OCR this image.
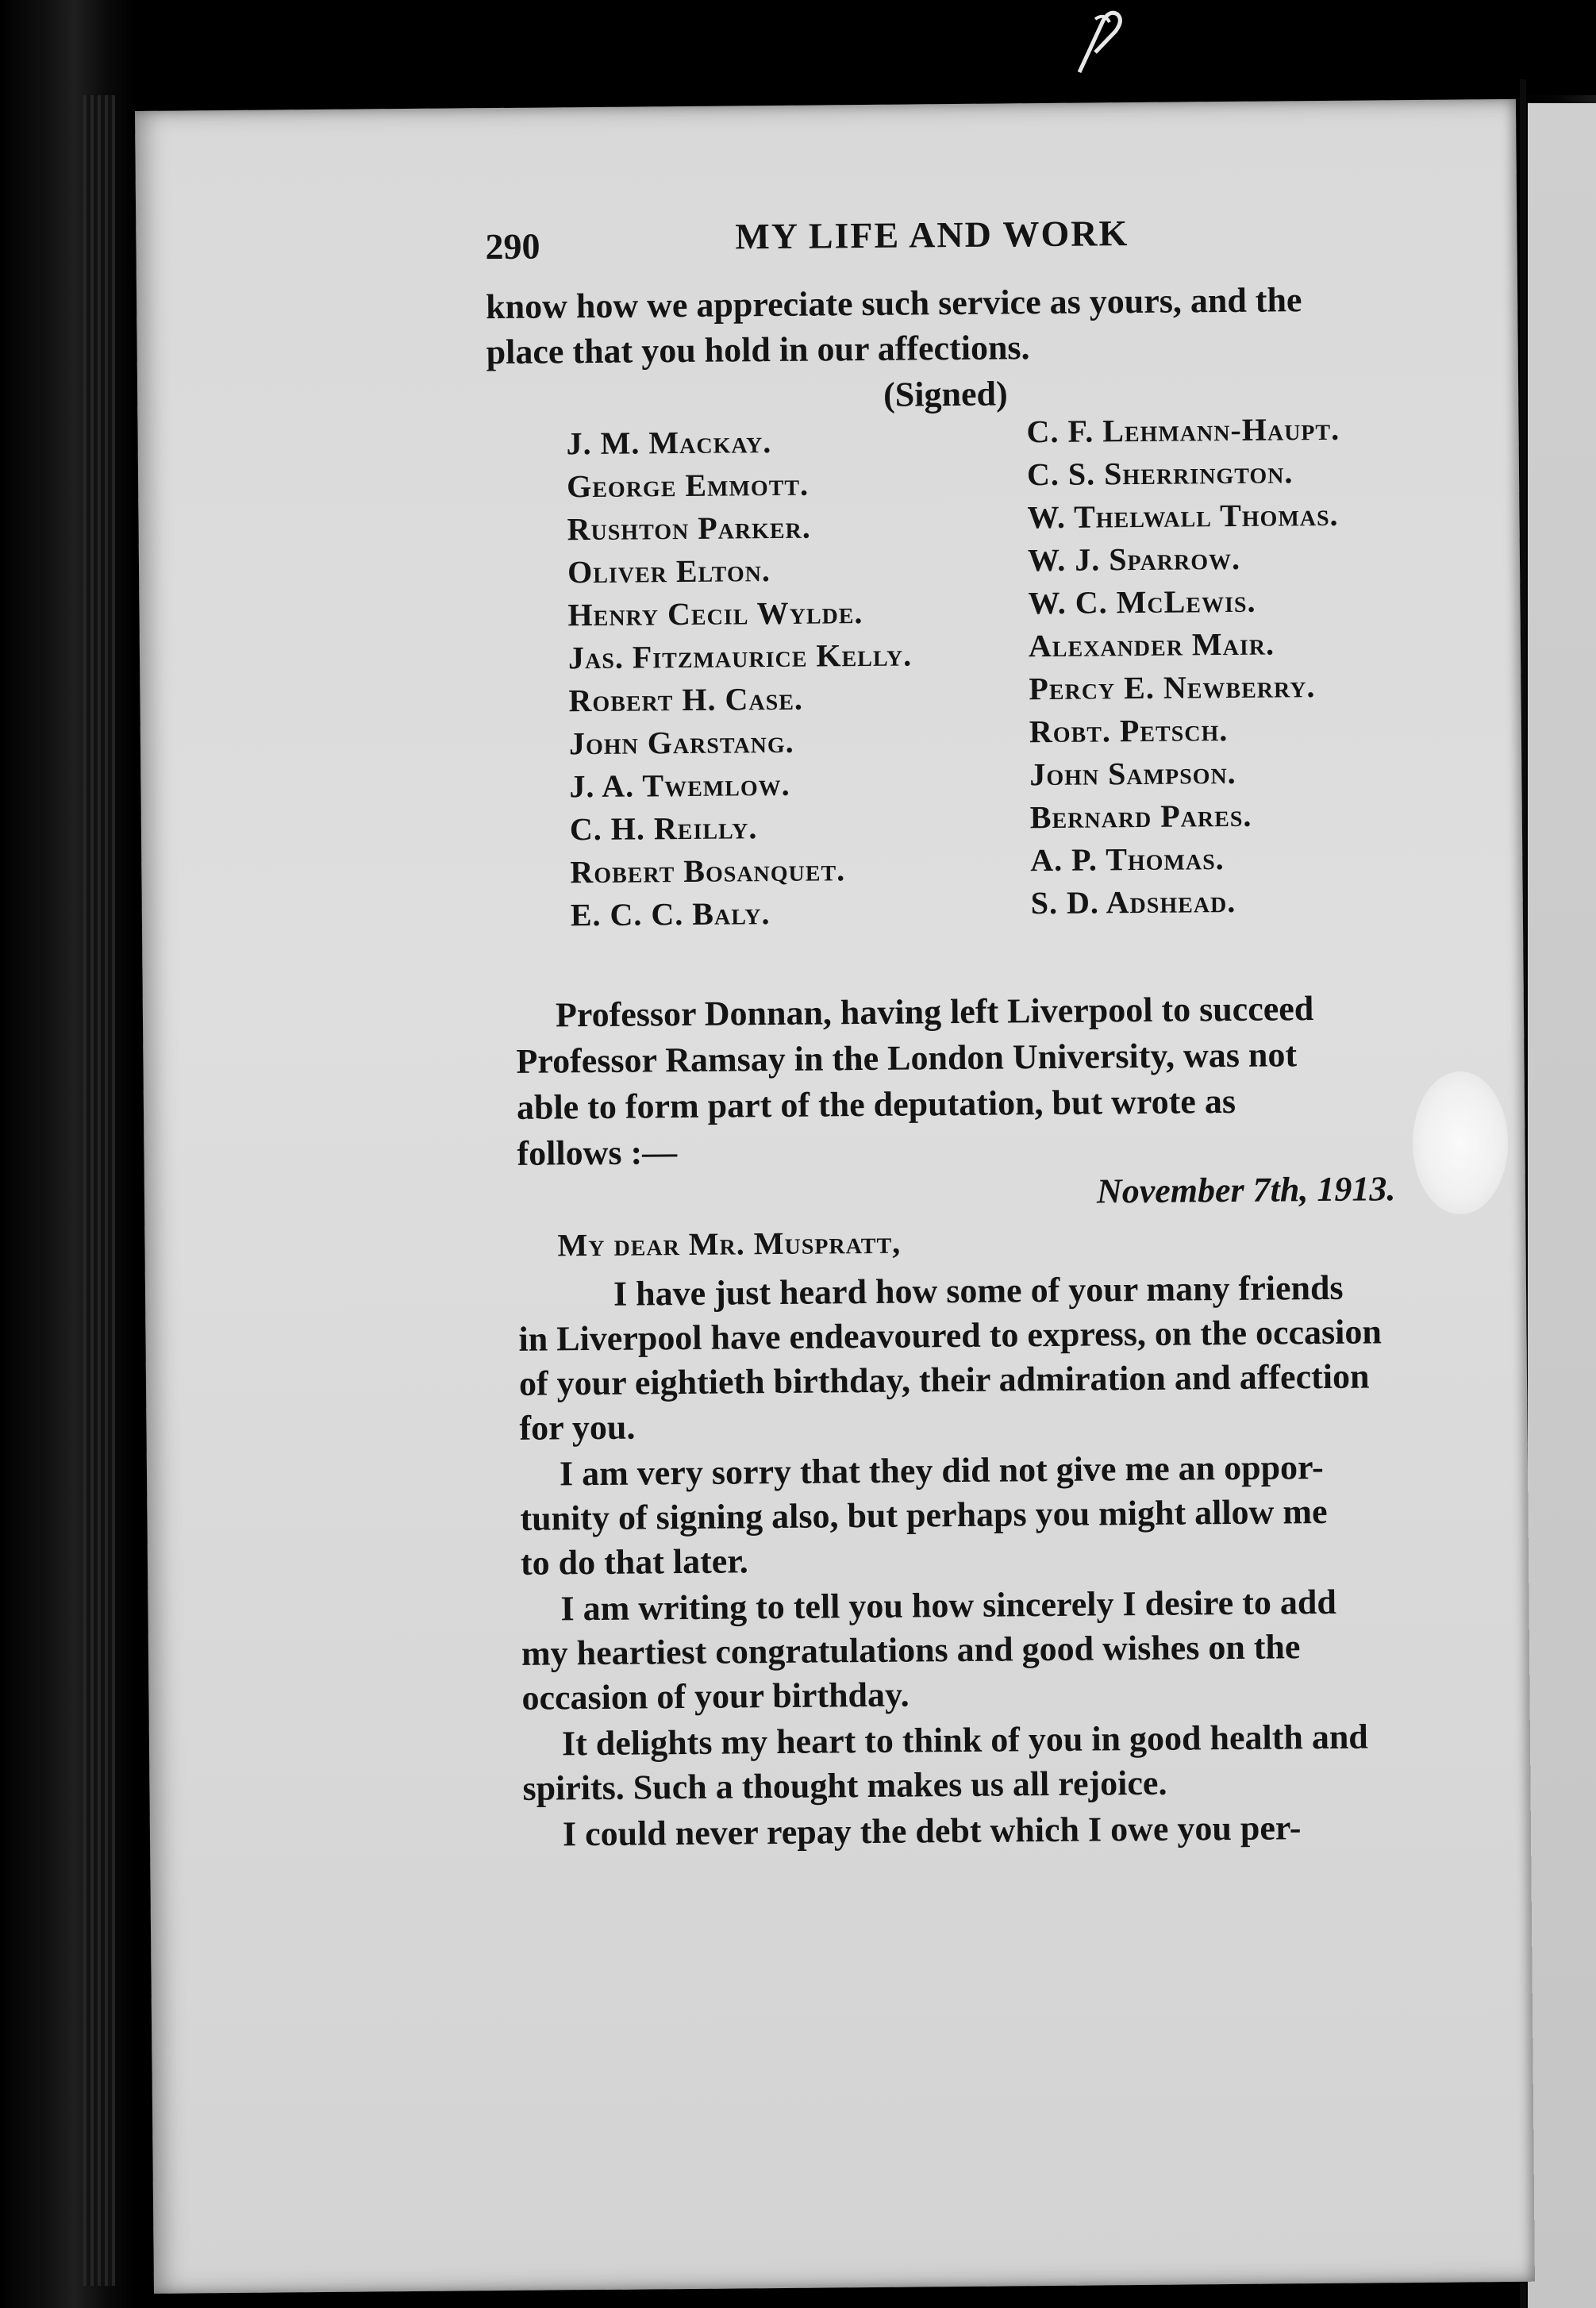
290	MY LIFE AND WORK
know how we appreciate such service as yours, and the
place that you hold in our affections.
(Signed)
J. M. Mackay.
George Emmott.
Rushton Parker.
Oliver Elton.
Henry Cecil Wylde.
Jas. Fitzmaurice Kelly.
Robert H. Case.
John Garstang.
J. A. Twemlow.
C. H. Reilly.
Robert Bosanquet.
E. C. C. Baly.
C. F. Lehmann-Haupt.
C. S. Sherrington.
W. Thelwall Thomas.
W. J. Sparrow.
W. C. McLewis.
Alexander Mair.
Percy E. Newberry.
Robt. Petsch.
John Sampson.
Bernard Pares.
A. P. Thomas.
S. D. Adshead.
Professor Donnan, having left Liverpool to succeed
Professor Ramsay in the London University, was not
able to form part of the deputation, but wrote as
follows :—
November 7th, 1913.
My dear Mr. Muspratt,
I have just heard how some of your many friends
in Liverpool have endeavoured to express, on the occasion
of your eightieth birthday, their admiration and affection
for you.
I am very sorry that they did not give me an oppor-
tunity of signing also, but perhaps you might allow me
to do that later.
I am writing to tell you how sincerely I desire to add
my heartiest congratulations and good wishes on the
occasion of your birthday.
It delights my heart to think of you in good health and
spirits. Such a thought makes us all rejoice.
I could never repay the debt which I owe you per-
